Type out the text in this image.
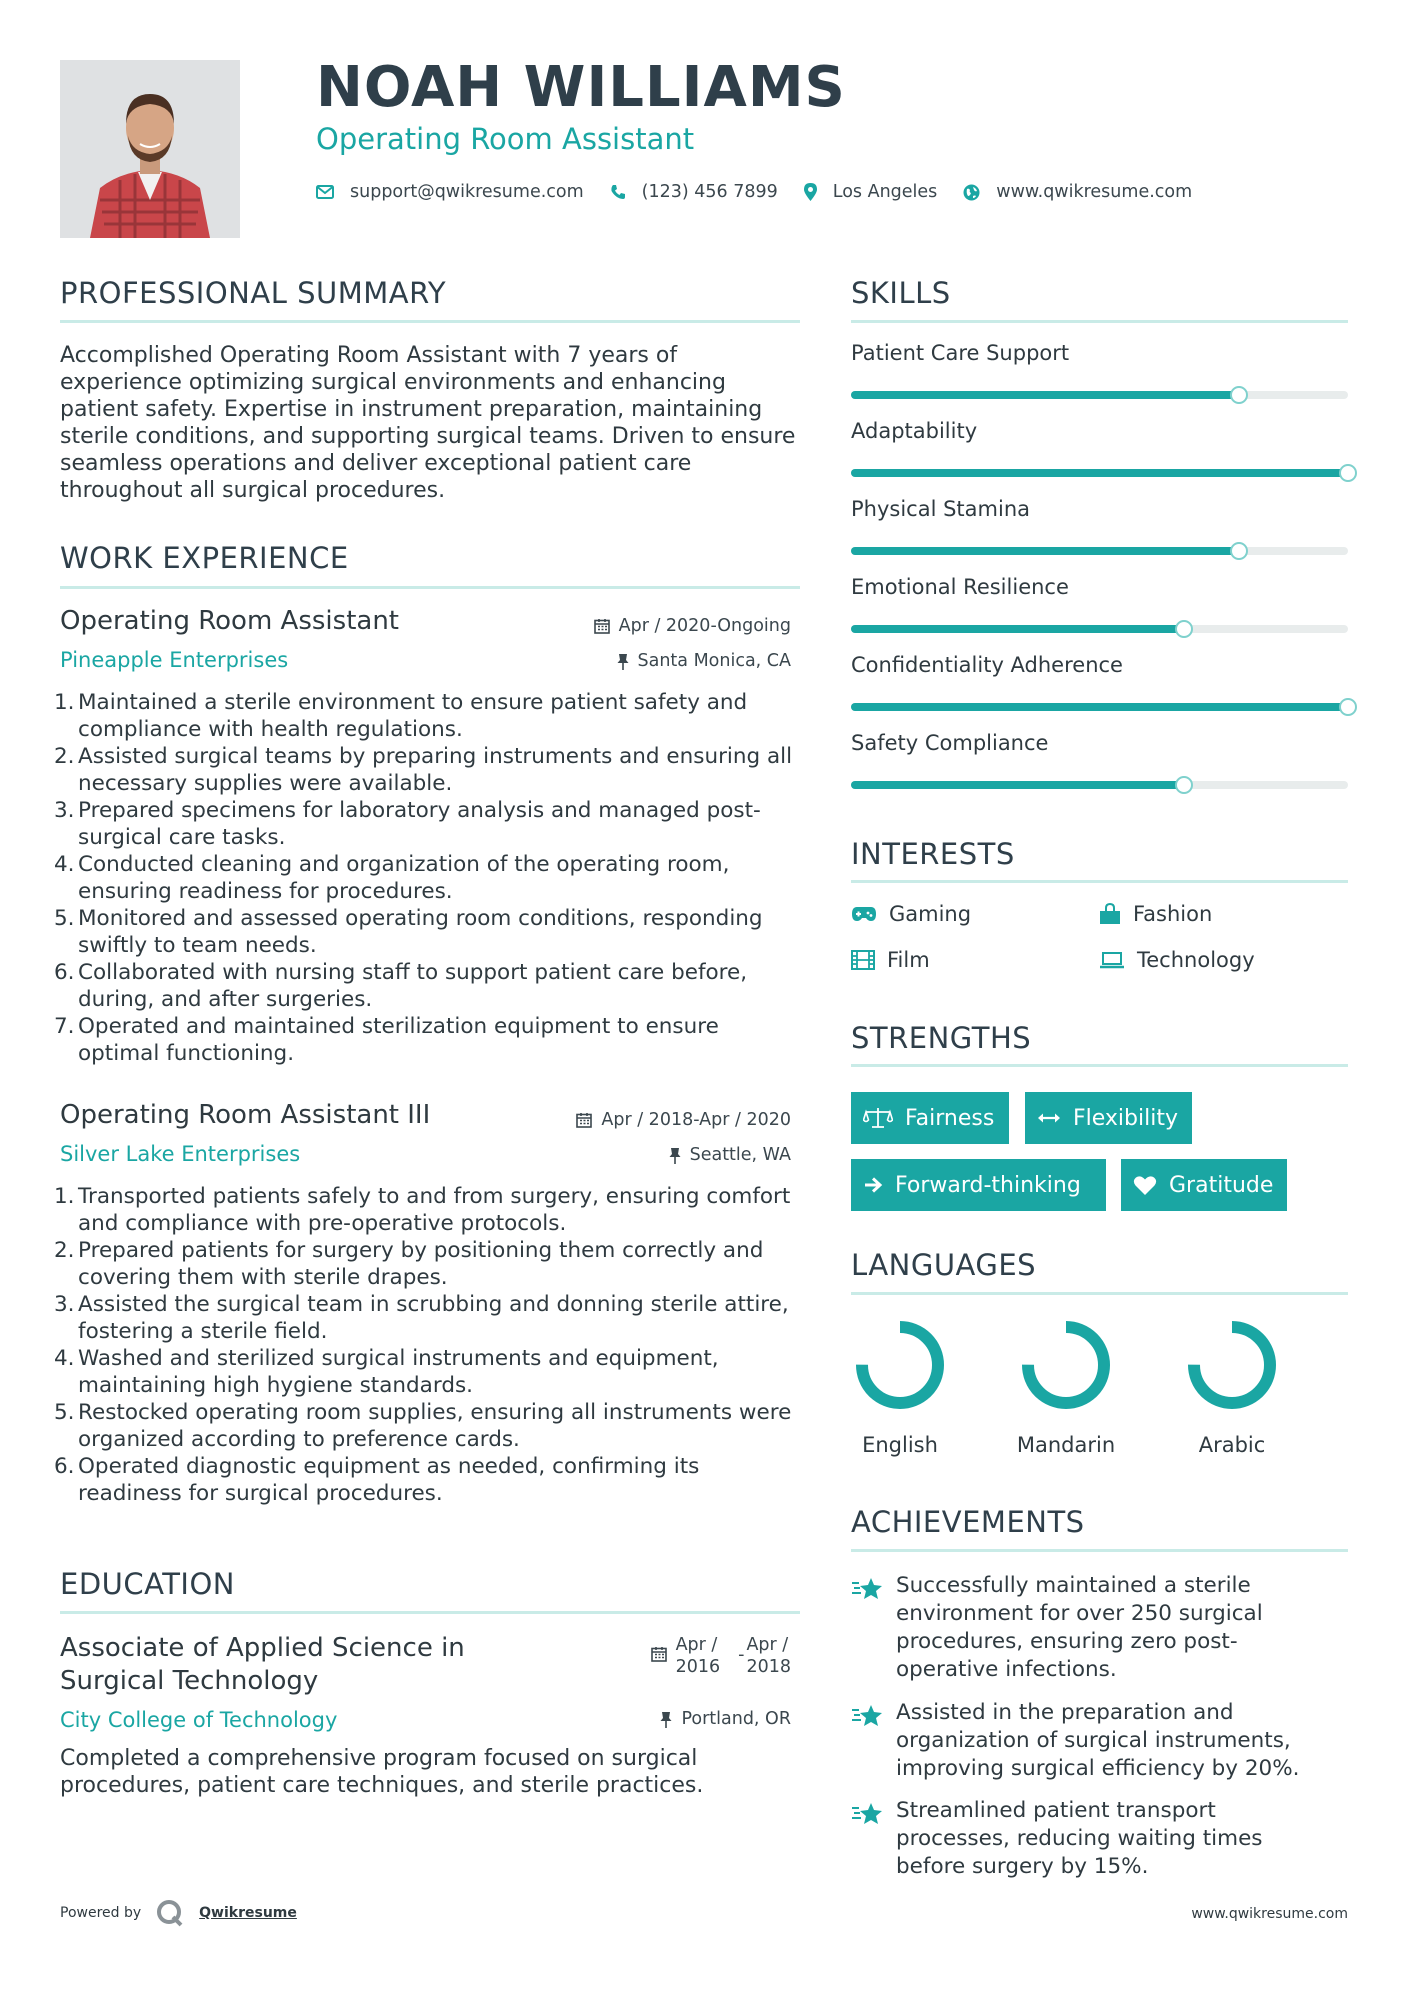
NOAH WILLIAMS
Operating Room Assistant
support@qwikresume.com	(123) 456 7899	Los Angeles	www.qwikresume.com
PROFESSIONAL SUMMARY
Accomplished Operating Room Assistant with 7 years of experience optimizing surgical environments and enhancing patient safety. Expertise in instrument preparation, maintaining sterile conditions, and supporting surgical teams. Driven to ensure seamless operations and deliver exceptional patient care throughout all surgical procedures.
WORK EXPERIENCE
Operating Room Assistant	Apr / 2020-Ongoing
Pineapple Enterprises	Santa Monica, CA
1. Maintained a sterile environment to ensure patient safety and compliance with health regulations.
2. Assisted surgical teams by preparing instruments and ensuring all necessary supplies were available.
3. Prepared specimens for laboratory analysis and managed post-surgical care tasks.
4. Conducted cleaning and organization of the operating room, ensuring readiness for procedures.
5. Monitored and assessed operating room conditions, responding swiftly to team needs.
6. Collaborated with nursing staff to support patient care before, during, and after surgeries.
7. Operated and maintained sterilization equipment to ensure optimal functioning.
Operating Room Assistant III	Apr / 2018-Apr / 2020
Silver Lake Enterprises	Seattle, WA
1. Transported patients safely to and from surgery, ensuring comfort and compliance with pre-operative protocols.
2. Prepared patients for surgery by positioning them correctly and covering them with sterile drapes.
3. Assisted the surgical team in scrubbing and donning sterile attire, fostering a sterile field.
4. Washed and sterilized surgical instruments and equipment, maintaining high hygiene standards.
5. Restocked operating room supplies, ensuring all instruments were organized according to preference cards.
6. Operated diagnostic equipment as needed, confirming its readiness for surgical procedures.
EDUCATION
Associate of Applied Science in
Surgical Technology
Apr /
2016
- Apr /
2018
City College of Technology	Portland, OR
Completed a comprehensive program focused on surgical procedures, patient care techniques, and sterile practices.
SKILLS
Patient Care Support
Adaptability
Physical Stamina
Emotional Resilience
Confidentiality Adherence
Safety Compliance
INTERESTS
Gaming	Fashion
Film	Technology
STRENGTHS
Fairness	Flexibility
Forward-thinking	Gratitude
LANGUAGES
English	Mandarin	Arabic
ACHIEVEMENTS
Successfully maintained a sterile environment for over 250 surgical procedures, ensuring zero post-operative infections.
Assisted in the preparation and organization of surgical instruments, improving surgical efficiency by 20%.
Streamlined patient transport processes, reducing waiting times before surgery by 15%.
Powered by	Qwikresume	www.qwikresume.com
